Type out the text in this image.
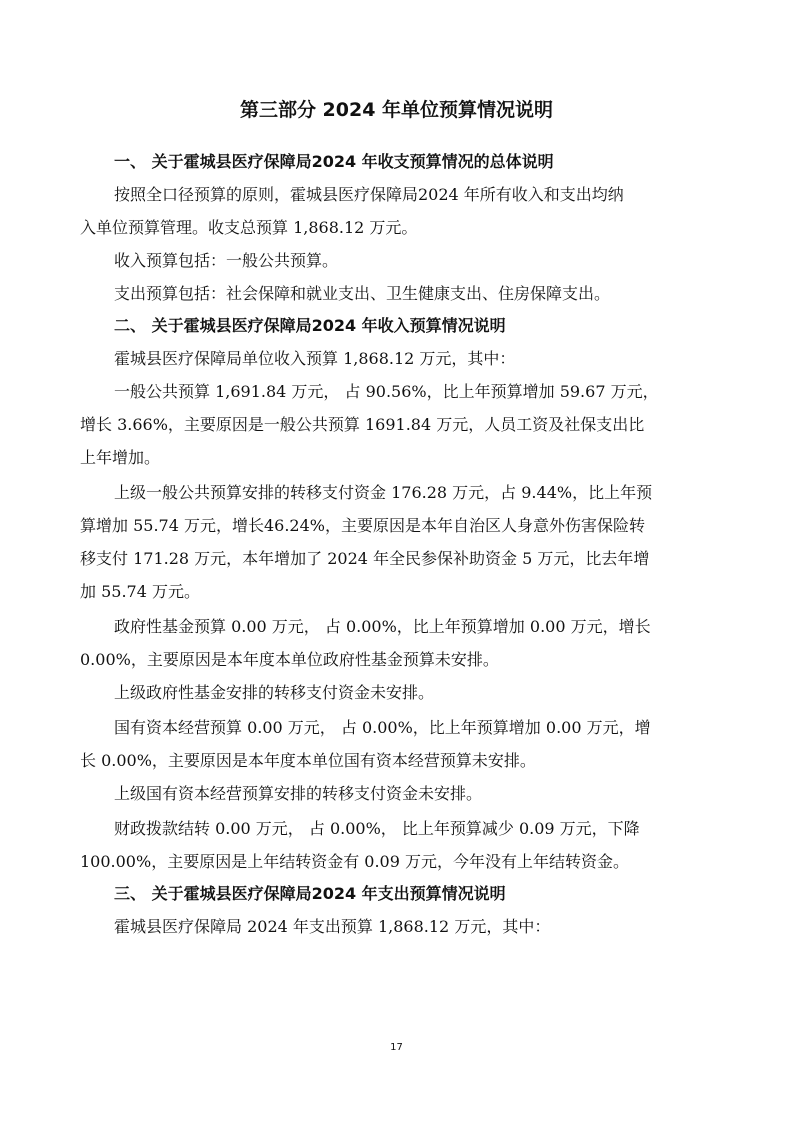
第三部分 2024 年单位预算情况说明
一、 关于霍城县医疗保障局2024 年收支预算情况的总体说明

按照全口径预算的原则，霍城县医疗保障局2024 年所有收入和支出均纳
入单位预算管理。收支总预算 1,868.12 万元。

收入预算包括：一般公共预算。

支出预算包括：社会保障和就业支出、卫生健康支出、住房保障支出。

二、 关于霍城县医疗保障局2024 年收入预算情况说明

霍城县医疗保障局单位收入预算 1,868.12 万元，其中：

一般公共预算 1,691.84 万元， 占 90.56%，比上年预算增加 59.67 万元，
增长 3.66%，主要原因是一般公共预算 1691.84 万元，人员工资及社保支出比
上年增加。

上级一般公共预算安排的转移支付资金 176.28 万元，占 9.44%，比上年预
算增加 55.74 万元，增长46.24%，主要原因是本年自治区人身意外伤害保险转
移支付 171.28 万元，本年增加了 2024 年全民参保补助资金 5 万元，比去年增
加 55.74 万元。

政府性基金预算 0.00 万元， 占 0.00%，比上年预算增加 0.00 万元，增长
0.00%，主要原因是本年度本单位政府性基金预算未安排。

上级政府性基金安排的转移支付资金未安排。

国有资本经营预算 0.00 万元， 占 0.00%，比上年预算增加 0.00 万元，增
长 0.00%，主要原因是本年度本单位国有资本经营预算未安排。

上级国有资本经营预算安排的转移支付资金未安排。

财政拨款结转 0.00 万元， 占 0.00%， 比上年预算减少 0.09 万元，下降
100.00%，主要原因是上年结转资金有 0.09 万元，今年没有上年结转资金。

三、 关于霍城县医疗保障局2024 年支出预算情况说明

霍城县医疗保障局 2024 年支出预算 1,868.12 万元，其中：

17
